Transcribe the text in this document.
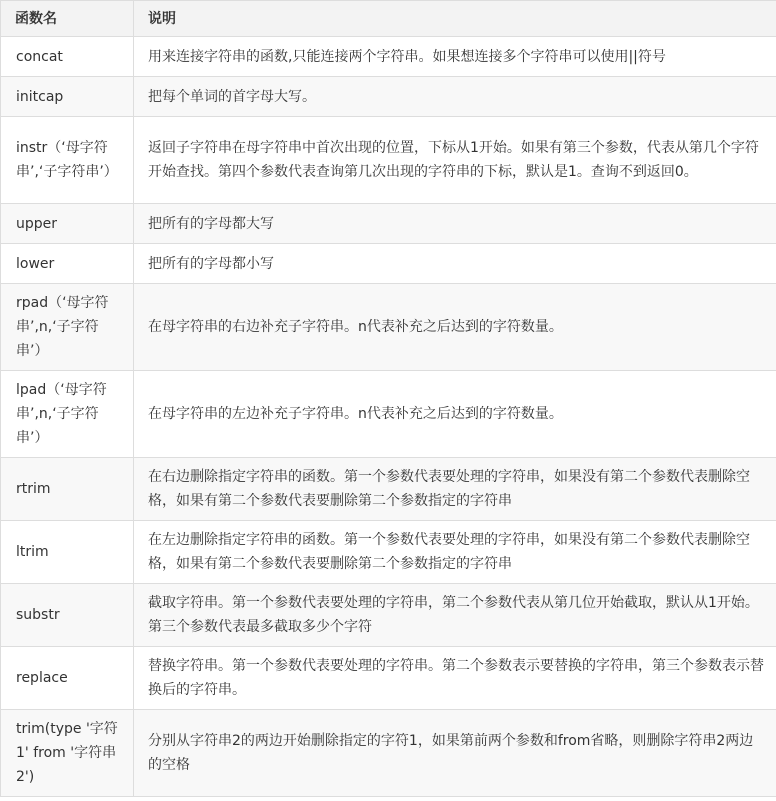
函数名	说明
concat	用来连接字符串的函数,只能连接两个字符串。如果想连接多个字符串可以使用||符号
initcap	把每个单词的首字母大写。
instr（‘母字符串’,‘子字符串’）	返回子字符串在母字符串中首次出现的位置，下标从1开始。如果有第三个参数，代表从第几个字符开始查找。第四个参数代表查询第几次出现的字符串的下标，默认是1。查询不到返回0。
upper	把所有的字母都大写
lower	把所有的字母都小写
rpad（‘母字符串’,n,‘子字符串’）	在母字符串的右边补充子字符串。n代表补充之后达到的字符数量。
lpad（‘母字符串’,n,‘子字符串’）	在母字符串的左边补充子字符串。n代表补充之后达到的字符数量。
rtrim	在右边删除指定字符串的函数。第一个参数代表要处理的字符串，如果没有第二个参数代表删除空格，如果有第二个参数代表要删除第二个参数指定的字符串
ltrim	在左边删除指定字符串的函数。第一个参数代表要处理的字符串，如果没有第二个参数代表删除空格，如果有第二个参数代表要删除第二个参数指定的字符串
substr	截取字符串。第一个参数代表要处理的字符串，第二个参数代表从第几位开始截取，默认从1开始。第三个参数代表最多截取多少个字符
replace	替换字符串。第一个参数代表要处理的字符串。第二个参数表示要替换的字符串，第三个参数表示替换后的字符串。
trim(type '字符1' from '字符串2')	分别从字符串2的两边开始删除指定的字符1，如果第前两个参数和from省略，则删除字符串2两边的空格
